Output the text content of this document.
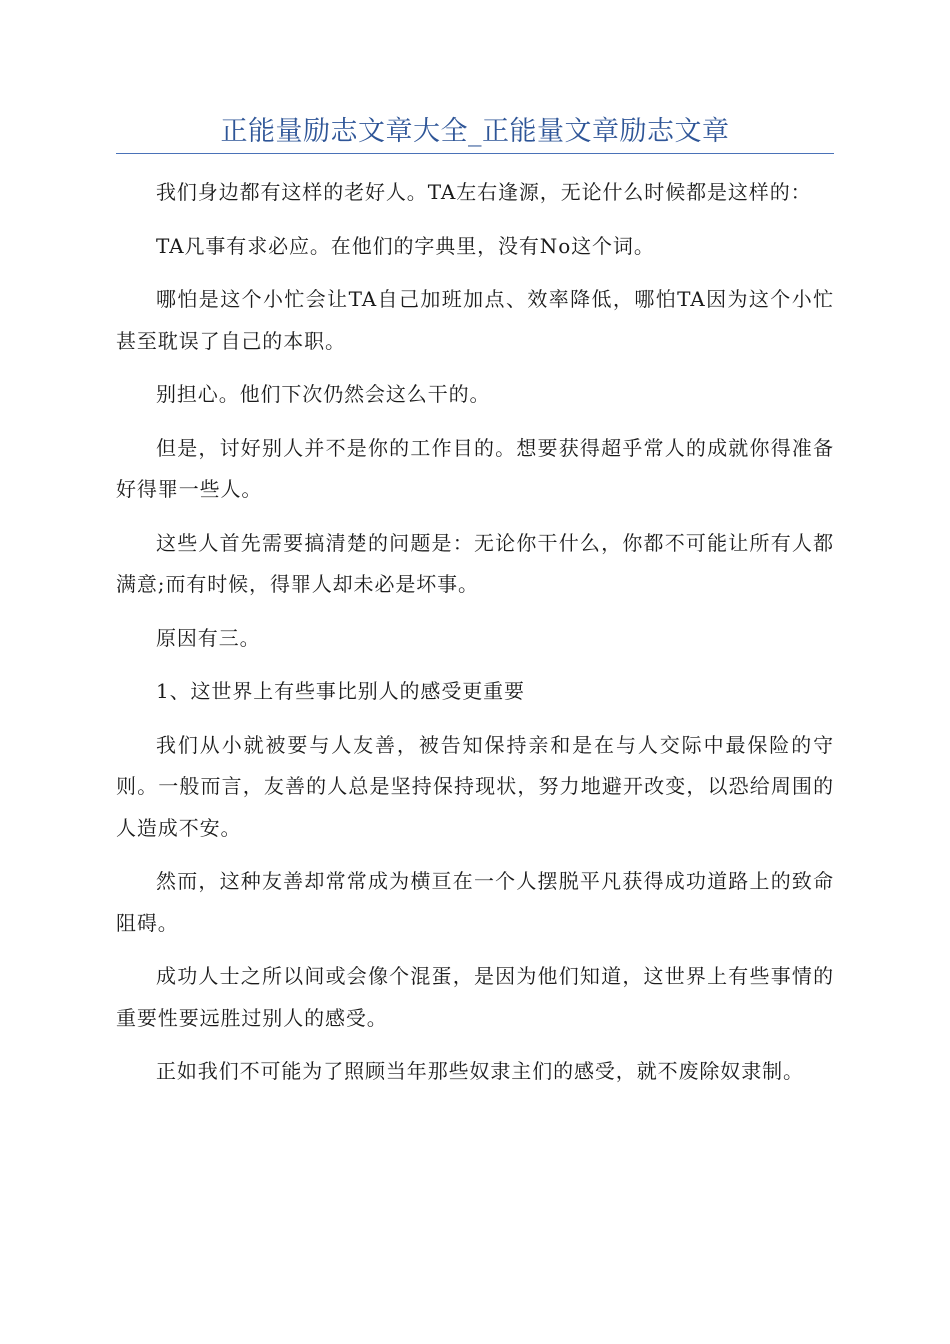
正能量励志文章大全_正能量文章励志文章

我们身边都有这样的老好人。TA左右逢源，无论什么时候都是这样的：

TA凡事有求必应。在他们的字典里，没有No这个词。

哪怕是这个小忙会让TA自己加班加点、效率降低，哪怕TA因为这个小忙甚至耽误了自己的本职。

别担心。他们下次仍然会这么干的。

但是，讨好别人并不是你的工作目的。想要获得超乎常人的成就你得准备好得罪一些人。

这些人首先需要搞清楚的问题是：无论你干什么，你都不可能让所有人都满意;而有时候，得罪人却未必是坏事。

原因有三。

1、这世界上有些事比别人的感受更重要

我们从小就被要与人友善，被告知保持亲和是在与人交际中最保险的守则。一般而言，友善的人总是坚持保持现状，努力地避开改变，以恐给周围的人造成不安。

然而，这种友善却常常成为横亘在一个人摆脱平凡获得成功道路上的致命阻碍。

成功人士之所以间或会像个混蛋，是因为他们知道，这世界上有些事情的重要性要远胜过别人的感受。

正如我们不可能为了照顾当年那些奴隶主们的感受，就不废除奴隶制。
